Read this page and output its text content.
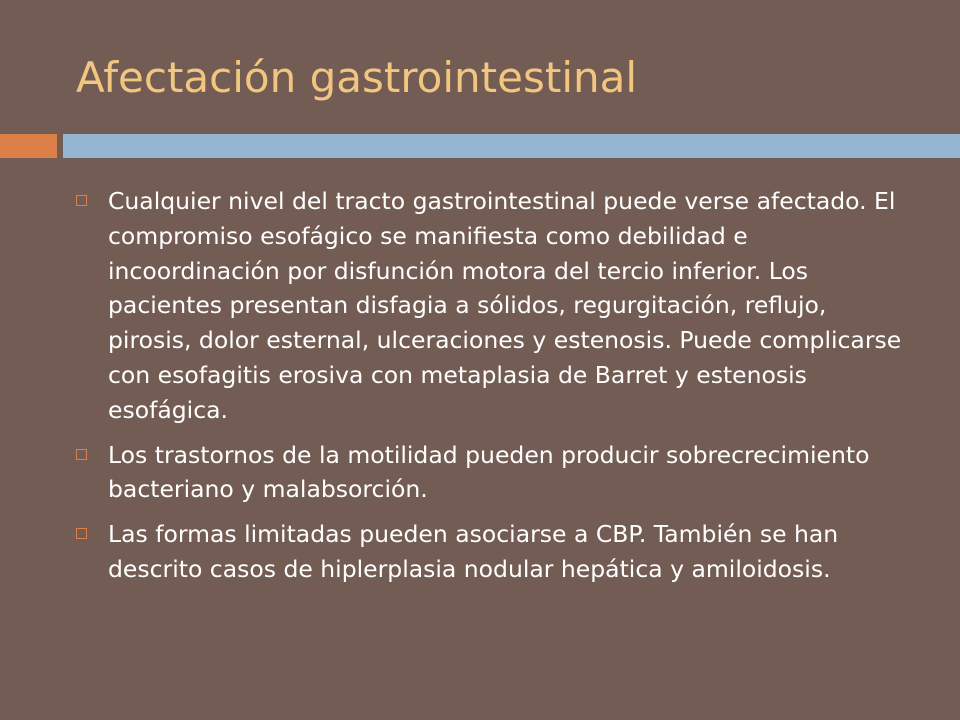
Afectación gastrointestinal
Cualquier nivel del tracto gastrointestinal puede verse afectado. El compromiso esofágico se manifiesta como debilidad e incoordinación por disfunción motora del tercio inferior. Los pacientes presentan disfagia a sólidos, regurgitación, reflujo, pirosis, dolor esternal, ulceraciones y estenosis. Puede complicarse con esofagitis erosiva con metaplasia de Barret y estenosis esofágica.
Los trastornos de la motilidad pueden producir sobrecrecimiento bacteriano y malabsorción.
Las formas limitadas pueden asociarse a CBP. También se han descrito casos de hiplerplasia nodular hepática y amiloidosis.
